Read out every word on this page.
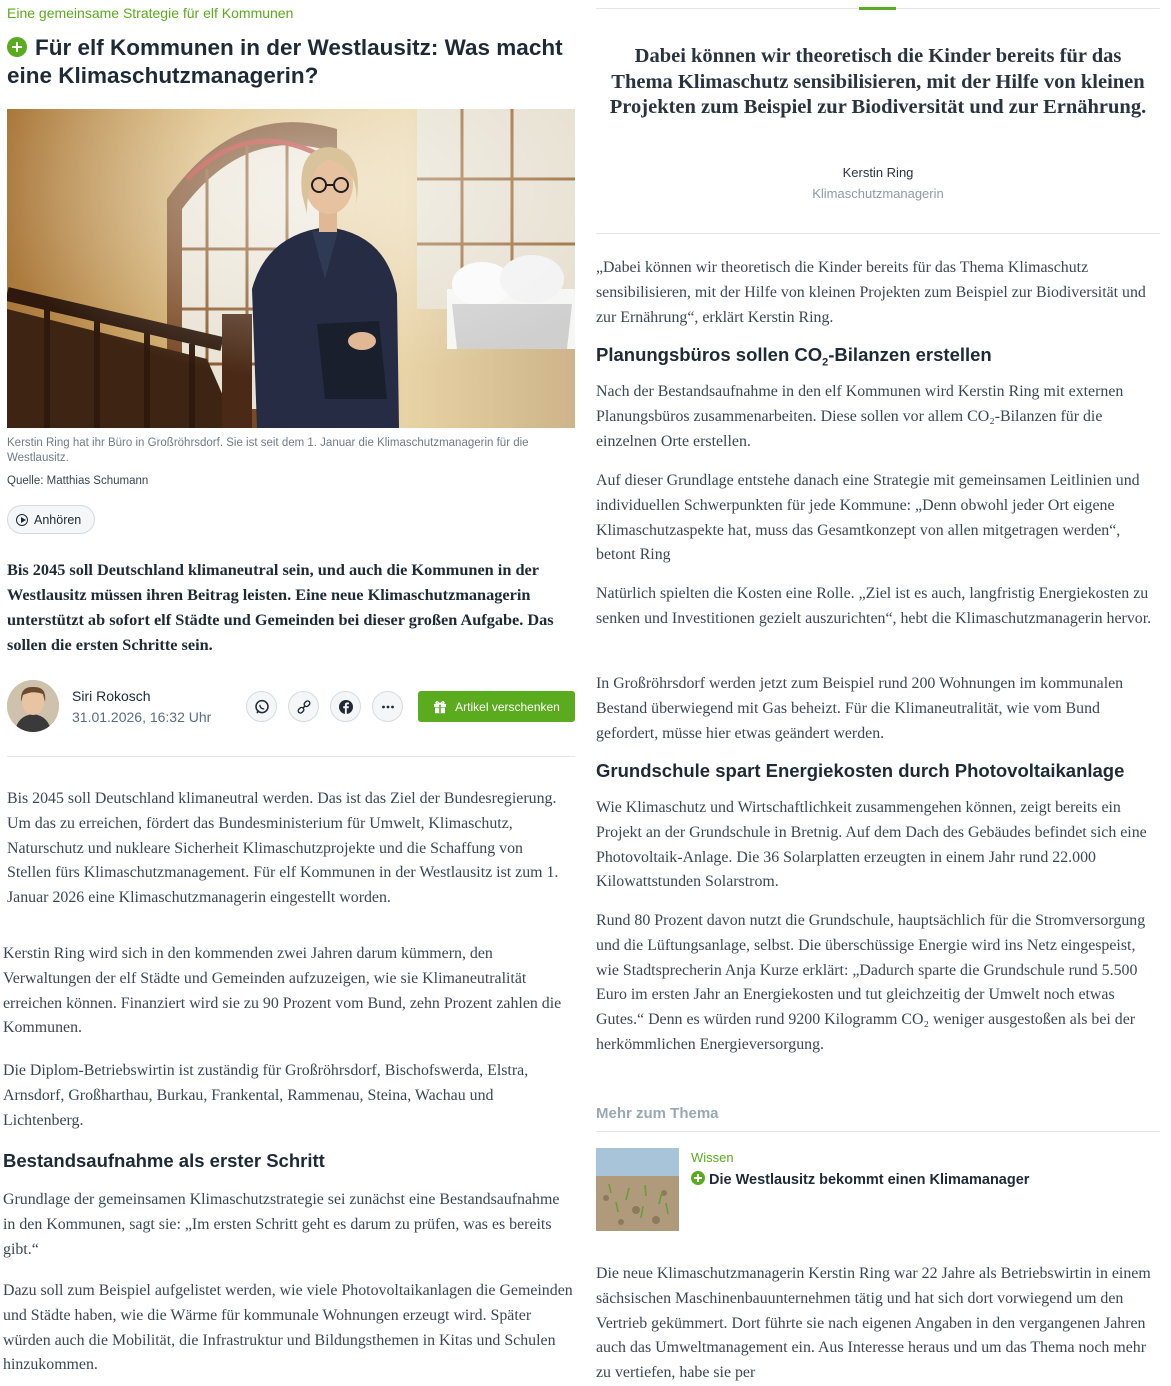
Eine gemeinsame Strategie für elf Kommunen
Für elf Kommunen in der Westlausitz: Was macht eine Klimaschutzmanagerin?
Kerstin Ring hat ihr Büro in Großröhrsdorf. Sie ist seit dem 1. Januar die Klimaschutzmanagerin für die Westlausitz.
Quelle: Matthias Schumann
Anhören

Bis 2045 soll Deutschland klimaneutral sein, und auch die Kommunen in der Westlausitz müssen ihren Beitrag leisten. Eine neue Klimaschutzmanagerin unterstützt ab sofort elf Städte und Gemeinden bei dieser großen Aufgabe. Das sollen die ersten Schritte sein.

Siri Rokosch
31.01.2026, 16:32 Uhr
Artikel verschenken

Bis 2045 soll Deutschland klimaneutral werden. Das ist das Ziel der Bundesregierung. Um das zu erreichen, fördert das Bundesministerium für Umwelt, Klimaschutz, Naturschutz und nukleare Sicherheit Klimaschutzprojekte und die Schaffung von Stellen fürs Klimaschutzmanagement. Für elf Kommunen in der Westlausitz ist zum 1. Januar 2026 eine Klimaschutzmanagerin eingestellt worden.

Kerstin Ring wird sich in den kommenden zwei Jahren darum kümmern, den Verwaltungen der elf Städte und Gemeinden aufzuzeigen, wie sie Klimaneutralität erreichen können. Finanziert wird sie zu 90 Prozent vom Bund, zehn Prozent zahlen die Kommunen.

Die Diplom-Betriebswirtin ist zuständig für Großröhrsdorf, Bischofswerda, Elstra, Arnsdorf, Großharthau, Burkau, Frankental, Rammenau, Steina, Wachau und Lichtenberg.

Bestandsaufnahme als erster Schritt

Grundlage der gemeinsamen Klimaschutzstrategie sei zunächst eine Bestandsaufnahme in den Kommunen, sagt sie: „Im ersten Schritt geht es darum zu prüfen, was es bereits gibt.“

Dazu soll zum Beispiel aufgelistet werden, wie viele Photovoltaikanlagen die Gemeinden und Städte haben, wie die Wärme für kommunale Wohnungen erzeugt wird. Später würden auch die Mobilität, die Infrastruktur und Bildungsthemen in Kitas und Schulen hinzukommen.

Dabei können wir theoretisch die Kinder bereits für das Thema Klimaschutz sensibilisieren, mit der Hilfe von kleinen Projekten zum Beispiel zur Biodiversität und zur Ernährung.

Kerstin Ring
Klimaschutzmanagerin

„Dabei können wir theoretisch die Kinder bereits für das Thema Klimaschutz sensibilisieren, mit der Hilfe von kleinen Projekten zum Beispiel zur Biodiversität und zur Ernährung“, erklärt Kerstin Ring.

Planungsbüros sollen $CO_2$-Bilanzen erstellen

Nach der Bestandsaufnahme in den elf Kommunen wird Kerstin Ring mit externen Planungsbüros zusammenarbeiten. Diese sollen vor allem CO₂-Bilanzen für die einzelnen Orte erstellen.

Auf dieser Grundlage entstehe danach eine Strategie mit gemeinsamen Leitlinien und individuellen Schwerpunkten für jede Kommune: „Denn obwohl jeder Ort eigene Klimaschutzaspekte hat, muss das Gesamtkonzept von allen mitgetragen werden“, betont Ring

Natürlich spielten die Kosten eine Rolle. „Ziel ist es auch, langfristig Energiekosten zu senken und Investitionen gezielt auszurichten“, hebt die Klimaschutzmanagerin hervor.

In Großröhrsdorf werden jetzt zum Beispiel rund 200 Wohnungen im kommunalen Bestand überwiegend mit Gas beheizt. Für die Klimaneutralität, wie vom Bund gefordert, müsse hier etwas geändert werden.

Grundschule spart Energiekosten durch Photovoltaikanlage

Wie Klimaschutz und Wirtschaftlichkeit zusammengehen können, zeigt bereits ein Projekt an der Grundschule in Bretnig. Auf dem Dach des Gebäudes befindet sich eine Photovoltaik-Anlage. Die 36 Solarplatten erzeugten in einem Jahr rund 22.000 Kilowattstunden Solarstrom.

Rund 80 Prozent davon nutzt die Grundschule, hauptsächlich für die Stromversorgung und die Lüftungsanlage, selbst. Die überschüssige Energie wird ins Netz eingespeist, wie Stadtsprecherin Anja Kurze erklärt: „Dadurch sparte die Grundschule rund 5.500 Euro im ersten Jahr an Energiekosten und tut gleichzeitig der Umwelt noch etwas Gutes.“ Denn es würden rund 9200 Kilogramm CO₂ weniger ausgestoßen als bei der herkömmlichen Energieversorgung.

Mehr zum Thema
Wissen
Die Westlausitz bekommt einen Klimamanager

Die neue Klimaschutzmanagerin Kerstin Ring war 22 Jahre als Betriebswirtin in einem sächsischen Maschinenbauunternehmen tätig und hat sich dort vorwiegend um den Vertrieb gekümmert. Dort führte sie nach eigenen Angaben in den vergangenen Jahren auch das Umweltmanagement ein. Aus Interesse heraus und um das Thema noch mehr zu vertiefen, habe sie per
